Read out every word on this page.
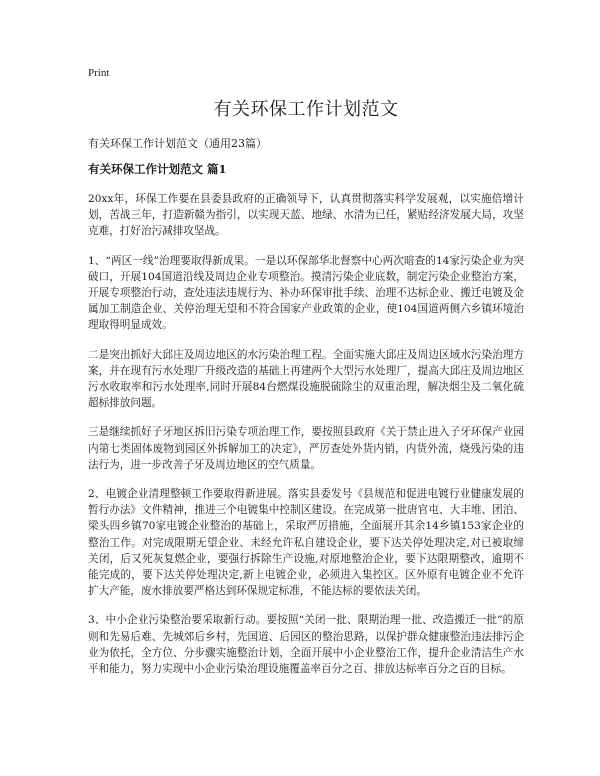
Print
有关环保工作计划范文

有关环保工作计划范文（通用23篇）

有关环保工作计划范文 篇1

20xx年，环保工作要在县委县政府的正确领导下，认真贯彻落实科学发展观，以实施倍增计划，苦战三年，打造新赣为指引，以实现天蓝、地绿、水清为已任，紧贴经济发展大局，攻坚克难，打好治污减排攻坚战。

1、“两区一线”治理要取得新成果。一是以环保部华北督察中心两次暗查的14家污染企业为突破口，开展104国道沿线及周边企业专项整治。摸清污染企业底数，制定污染企业整治方案，开展专项整治行动，查处违法违规行为、补办环保审批手续、治理不达标企业、搬迁电镀及金属加工制造企业、关停治理无望和不符合国家产业政策的企业，使104国道两侧六乡镇环境治理取得明显成效。

二是突出抓好大邱庄及周边地区的水污染治理工程。全面实施大邱庄及周边区域水污染治理方案，并在现有污水处理厂升级改造的基础上再建两个大型污水处理厂，提高大邱庄及周边地区污水收取率和污水处理率,同时开展84台燃煤设施脱硫除尘的双重治理，解决烟尘及二氧化硫超标排放问题。

三是继续抓好子牙地区拆旧污染专项治理工作，要按照县政府《关于禁止进入子牙环保产业园内第七类固体废物到园区外拆解加工的决定》，严厉查处外货内销，内货外流，烧残污染的违法行为，进一步改善子牙及周边地区的空气质量。

2、电镀企业清理整顿工作要取得新进展。落实县委发号《县规范和促进电镀行业健康发展的暂行办法》文件精神，推进三个电镀集中控制区建设。在完成第一批唐官屯、大丰堆、团泊、梁头四乡镇70家电镀企业整治的基础上，采取严厉措施，全面展开其余14乡镇153家企业的整治工作。对完成限期无望企业、未经允许私自建设企业，要下达关停处理决定,对已被取缔关闭，后又死灰复燃企业，要强行拆除生产设施,对原地整治企业，要下达限期整改，逾期不能完成的，要下达关停处理决定,新上电镀企业，必须进入集控区。区外原有电镀企业不允许扩大产能，废水排放要严格达到环保规定标准，不能达标的要依法关闭。

3、中小企业污染整治要采取新行动。要按照“关闭一批、限期治理一批、改造搬迁一批”的原则和先易后难、先城郊后乡村，先国道、后园区的整治思路，以保护群众健康整治违法排污企业为依托，全方位、分步骤实施整治计划，全面开展中小企业整治工作，提升企业清洁生产水平和能力，努力实现中小企业污染治理设施覆盖率百分之百、排放达标率百分之百的目标。
